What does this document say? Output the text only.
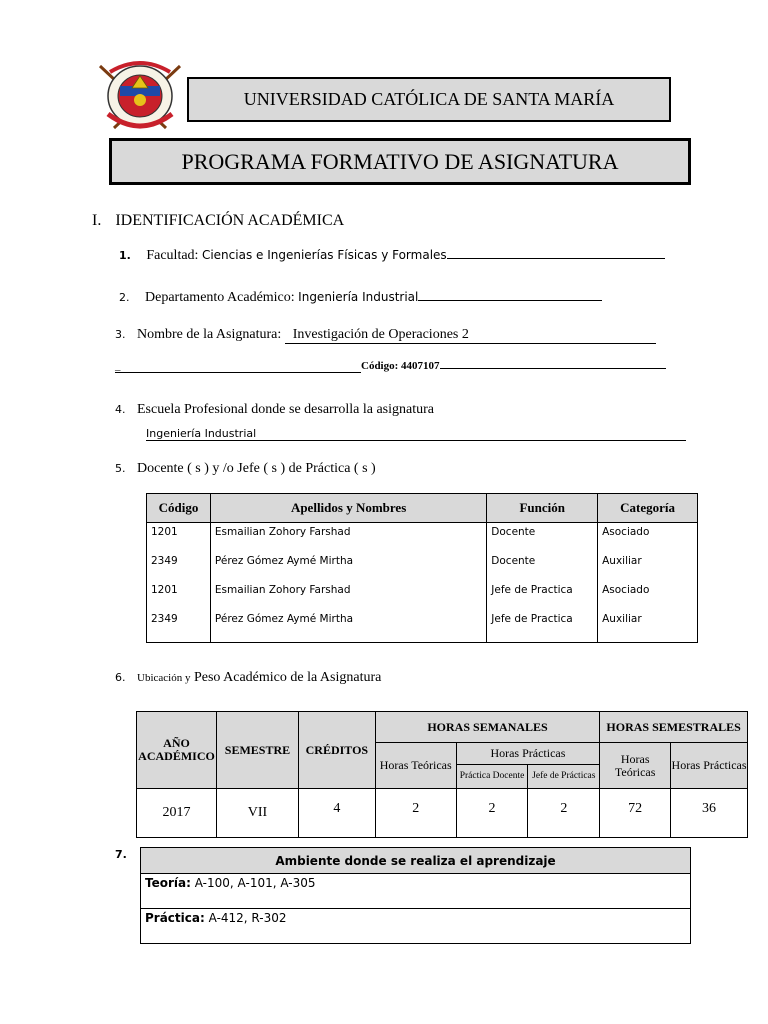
UNIVERSIDAD CATÓLICA DE SANTA MARÍA
PROGRAMA FORMATIVO DE ASIGNATURA
I. IDENTIFICACIÓN ACADÉMICA
1. Facultad: Ciencias e Ingenierías Físicas y Formales
2. Departamento Académico: Ingeniería Industrial
3. Nombre de la Asignatura: Investigación de Operaciones 2
_	Código: 4407107
4. Escuela Profesional donde se desarrolla la asignatura
Ingeniería Industrial
5. Docente ( s ) y /o Jefe ( s ) de Práctica ( s )
Código	Apellidos y Nombres	Función	Categoría
1201	Esmailian Zohory Farshad	Docente	Asociado
2349	Pérez Gómez Aymé Mirtha	Docente	Auxiliar
1201	Esmailian Zohory Farshad	Jefe de Practica	Asociado
2349	Pérez Gómez Aymé Mirtha	Jefe de Practica	Auxiliar
6. Ubicación y Peso Académico de la Asignatura
AÑO ACADÉMICO	SEMESTRE	CRÉDITOS	HORAS SEMANALES			HORAS SEMESTRALES	
			Horas Teóricas	Horas Prácticas		Horas Teóricas	Horas Prácticas
				Práctica Docente	Jefe de Prácticas		
2017	VII	4	2	2	2	72	36
7.	Ambiente donde se realiza el aprendizaje
Teoría: A-100, A-101, A-305
Práctica: A-412, R-302
